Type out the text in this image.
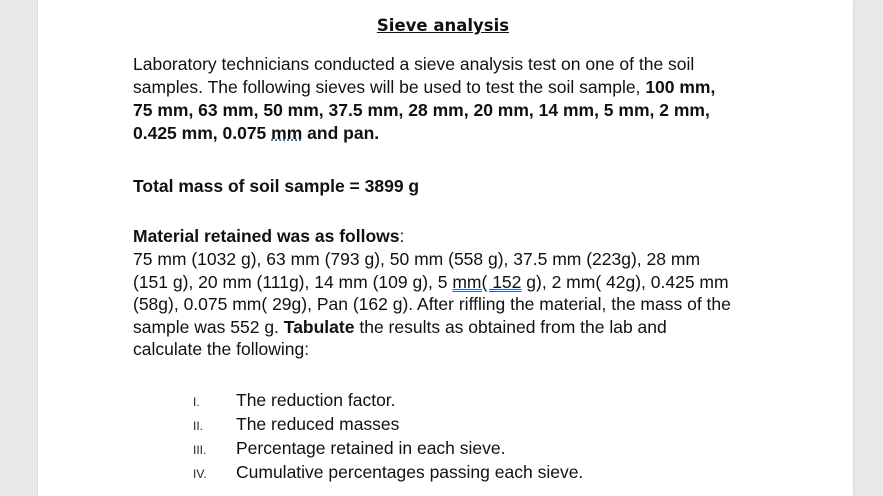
Sieve analysis
Laboratory technicians conducted a sieve analysis test on one of the soil samples. The following sieves will be used to test the soil sample, 100 mm, 75 mm, 63 mm, 50 mm, 37.5 mm, 28 mm, 20 mm, 14 mm, 5 mm, 2 mm, 0.425 mm, 0.075 mm and pan.
Total mass of soil sample = 3899 g
Material retained was as follows:
75 mm (1032 g), 63 mm (793 g), 50 mm (558 g), 37.5 mm (223g), 28 mm (151 g), 20 mm (111g), 14 mm (109 g), 5 mm( 152 g), 2 mm( 42g), 0.425 mm (58g), 0.075 mm( 29g), Pan (162 g). After riffling the material, the mass of the sample was 552 g. Tabulate the results as obtained from the lab and calculate the following:
I. The reduction factor.
II. The reduced masses
III. Percentage retained in each sieve.
IV. Cumulative percentages passing each sieve.
